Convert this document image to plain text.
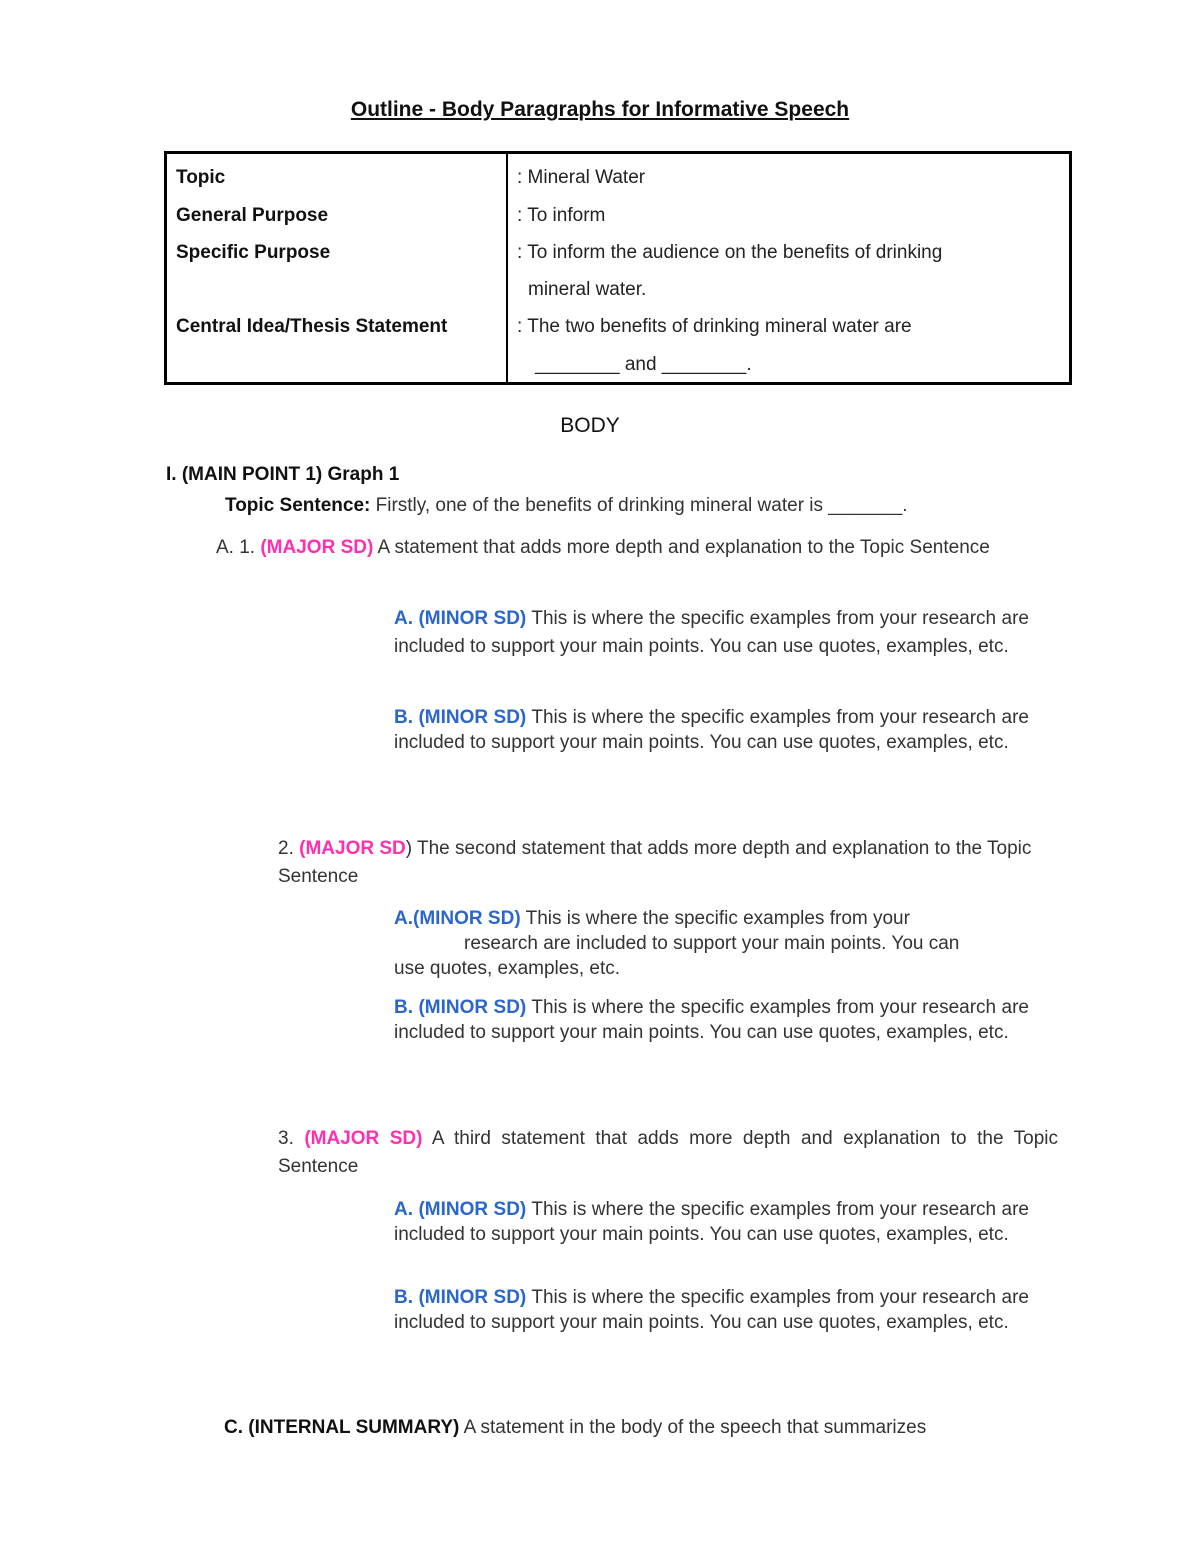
Outline - Body Paragraphs for Informative Speech
Topic	: Mineral Water
General Purpose	: To inform
Specific Purpose	: To inform the audience on the benefits of drinking
mineral water.
Central Idea/Thesis Statement	: The two benefits of drinking mineral water are
________ and ________.
BODY
I. (MAIN POINT 1) Graph 1
Topic Sentence: Firstly, one of the benefits of drinking mineral water is _______.
A. 1. (MAJOR SD) A statement that adds more depth and explanation to the Topic Sentence
A. (MINOR SD) This is where the specific examples from your research are included to support your main points. You can use quotes, examples, etc.
B. (MINOR SD) This is where the specific examples from your research are included to support your main points. You can use quotes, examples, etc.
2. (MAJOR SD) The second statement that adds more depth and explanation to the Topic Sentence
A.(MINOR SD) This is where the specific examples from your
research are included to support your main points. You can
use quotes, examples, etc.
B. (MINOR SD) This is where the specific examples from your research are included to support your main points. You can use quotes, examples, etc.
3. (MAJOR SD) A third statement that adds more depth and explanation to the Topic Sentence
A. (MINOR SD) This is where the specific examples from your research are included to support your main points. You can use quotes, examples, etc.
B. (MINOR SD) This is where the specific examples from your research are included to support your main points. You can use quotes, examples, etc.
C. (INTERNAL SUMMARY) A statement in the body of the speech that summarizes
